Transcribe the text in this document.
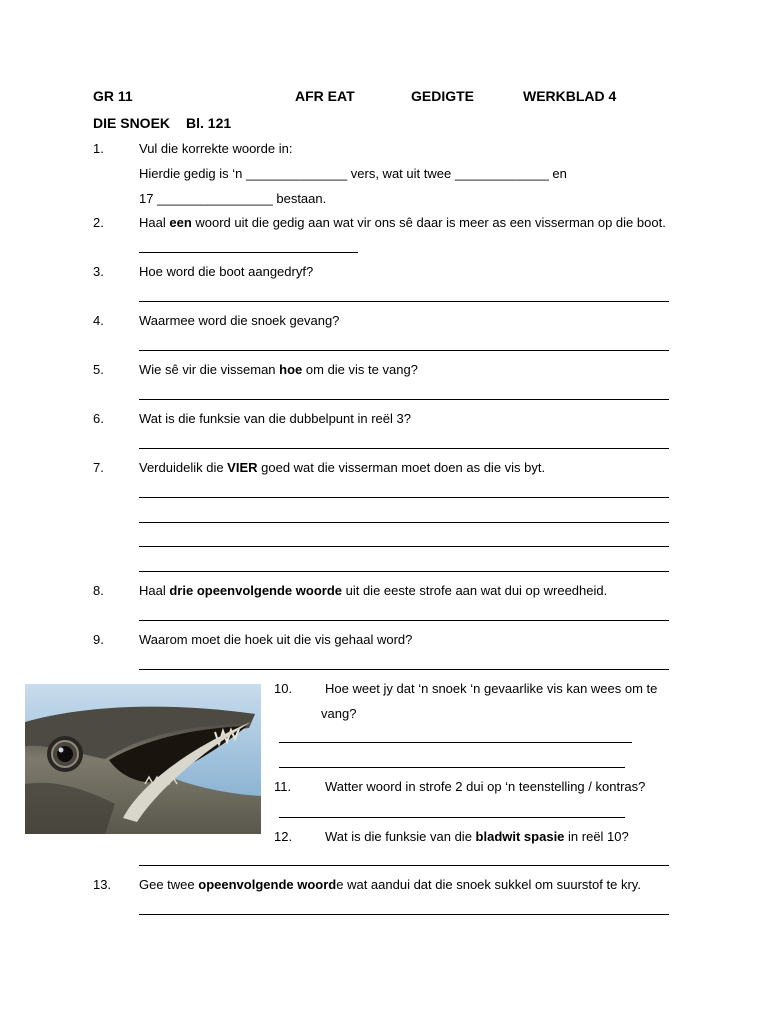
GR 11	AFR EAT	GEDIGTE	WERKBLAD 4
DIE SNOEK Bl. 121
1.	Vul die korrekte woorde in:
Hierdie gedig is ‘n ______________ vers, wat uit twee _____________ en
17 ________________ bestaan.
2.	Haal een woord uit die gedig aan wat vir ons sê daar is meer as een visserman op die boot.
3.	Hoe word die boot aangedryf?
4.	Waarmee word die snoek gevang?
5.	Wie sê vir die visseman hoe om die vis te vang?
6.	Wat is die funksie van die dubbelpunt in reël 3?
7.	Verduidelik die VIER goed wat die visserman moet doen as die vis byt.
8.	Haal drie opeenvolgende woorde uit die eeste strofe aan wat dui op wreedheid.
9.	Waarom moet die hoek uit die vis gehaal word?
10.	Hoe weet jy dat ‘n snoek ‘n gevaarlike vis kan wees om te
vang?
11.	Watter woord in strofe 2 dui op ‘n teenstelling / kontras?
12.	Wat is die funksie van die bladwit spasie in reël 10?
13. Gee twee opeenvolgende woorde wat aandui dat die snoek sukkel om suurstof te kry.
